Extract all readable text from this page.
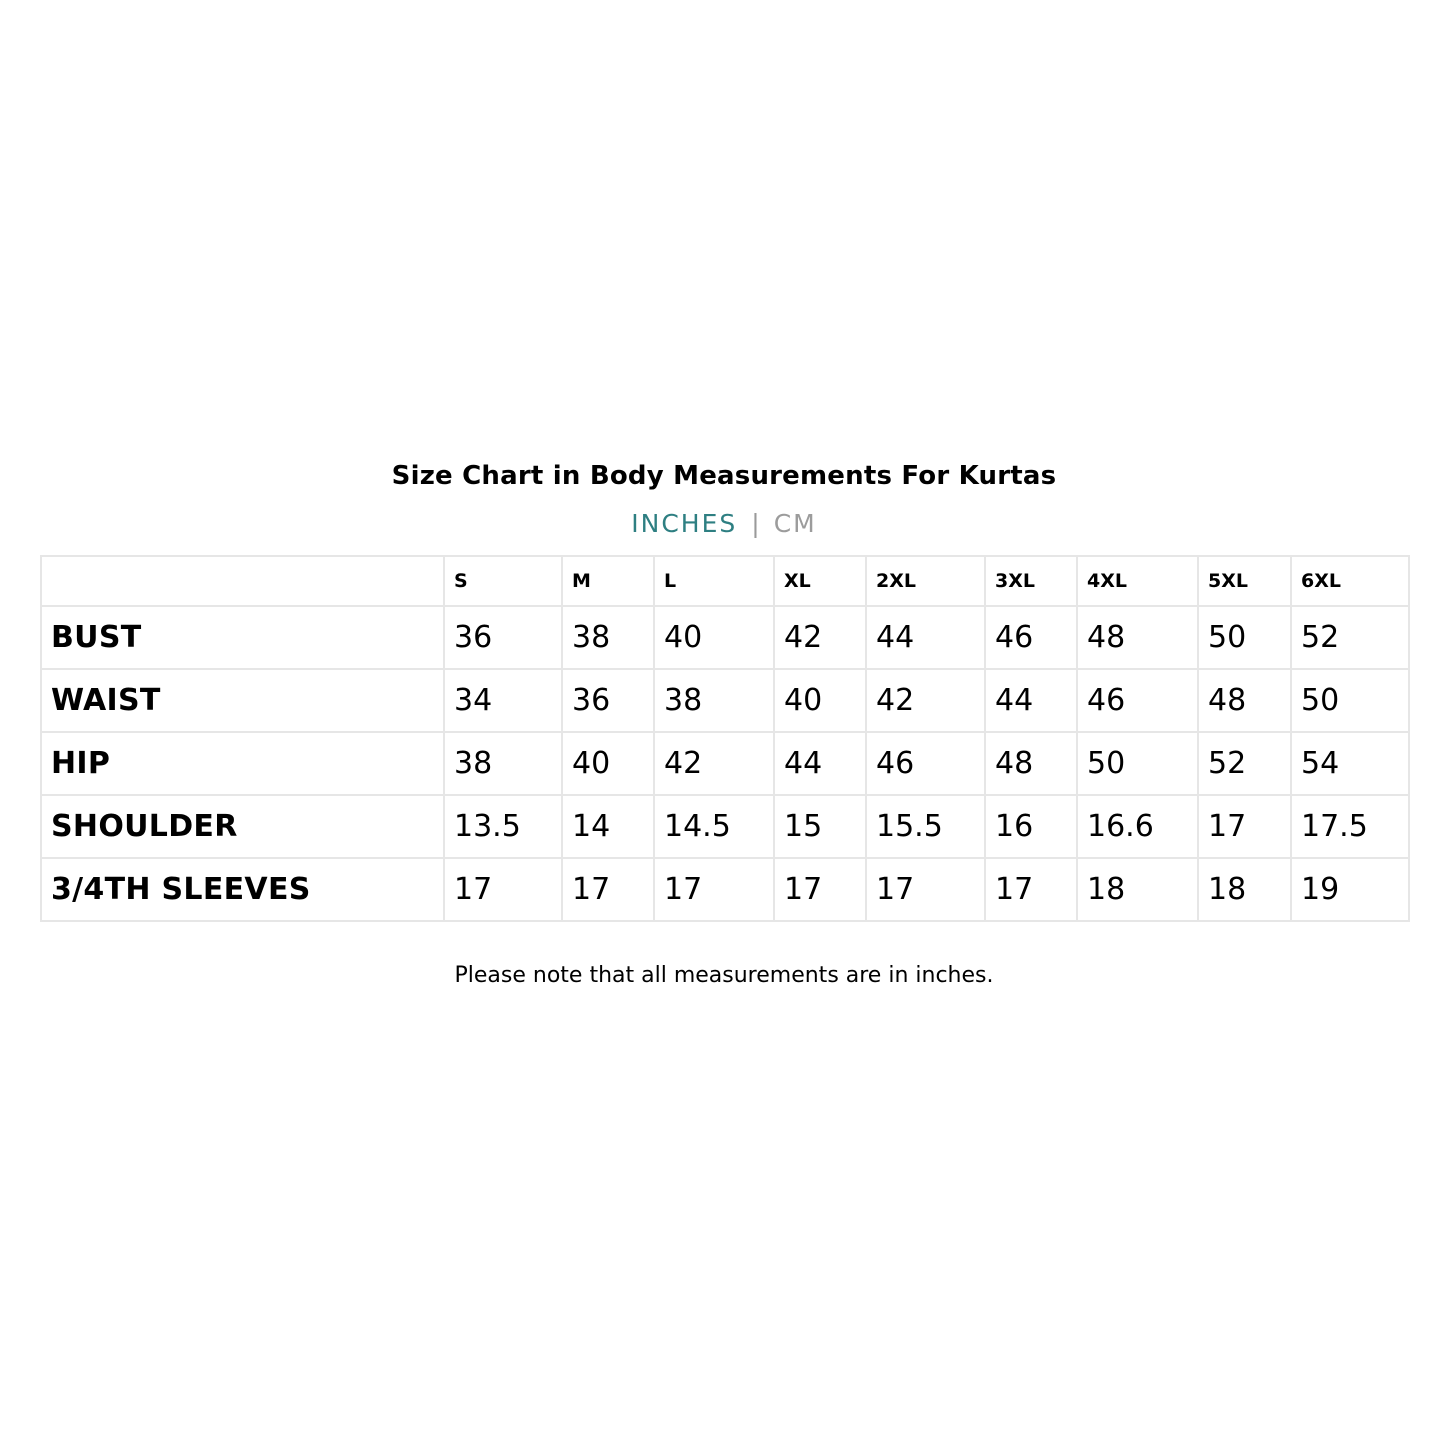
Size Chart in Body Measurements For Kurtas
INCHES | CM
	S	M	L	XL	2XL	3XL	4XL	5XL	6XL
BUST	36	38	40	42	44	46	48	50	52
WAIST	34	36	38	40	42	44	46	48	50
HIP	38	40	42	44	46	48	50	52	54
SHOULDER	13.5	14	14.5	15	15.5	16	16.6	17	17.5
3/4TH SLEEVES	17	17	17	17	17	17	18	18	19
Please note that all measurements are in inches.
